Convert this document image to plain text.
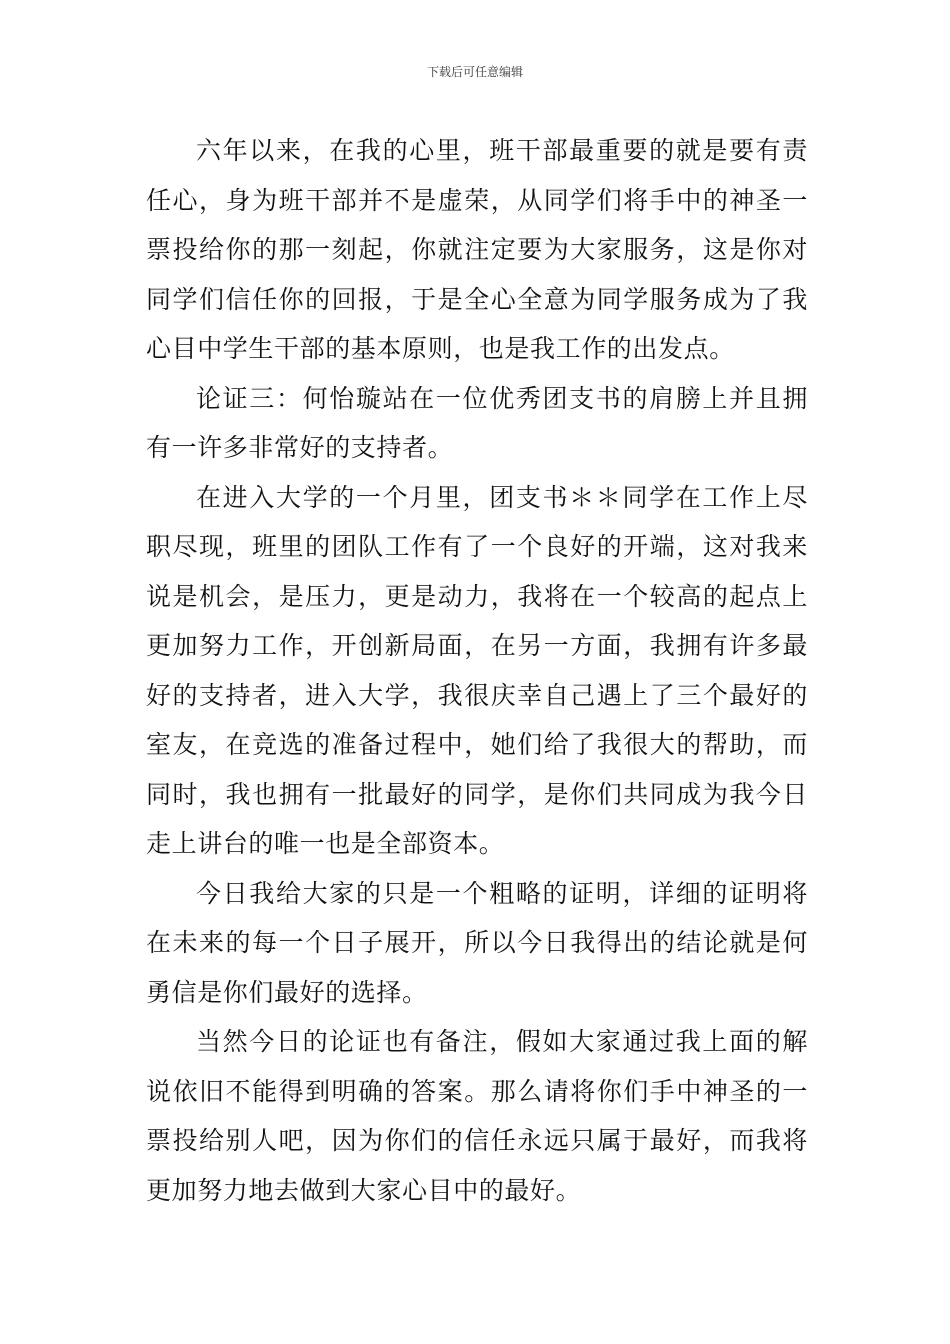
下载后可任意编辑

六年以来，在我的心里，班干部最重要的就是要有责任心，身为班干部并不是虚荣，从同学们将手中的神圣一票投给你的那一刻起，你就注定要为大家服务，这是你对同学们信任你的回报，于是全心全意为同学服务成为了我心目中学生干部的基本原则，也是我工作的出发点。

论证三：何怡璇站在一位优秀团支书的肩膀上并且拥有一许多非常好的支持者。

在进入大学的一个月里，团支书＊＊同学在工作上尽职尽现，班里的团队工作有了一个良好的开端，这对我来说是机会，是压力，更是动力，我将在一个较高的起点上更加努力工作，开创新局面，在另一方面，我拥有许多最好的支持者，进入大学，我很庆幸自己遇上了三个最好的室友，在竞选的准备过程中，她们给了我很大的帮助，而同时，我也拥有一批最好的同学，是你们共同成为我今日走上讲台的唯一也是全部资本。

今日我给大家的只是一个粗略的证明，详细的证明将在未来的每一个日子展开，所以今日我得出的结论就是何勇信是你们最好的选择。

当然今日的论证也有备注，假如大家通过我上面的解说依旧不能得到明确的答案。那么请将你们手中神圣的一票投给别人吧，因为你们的信任永远只属于最好，而我将更加努力地去做到大家心目中的最好。
